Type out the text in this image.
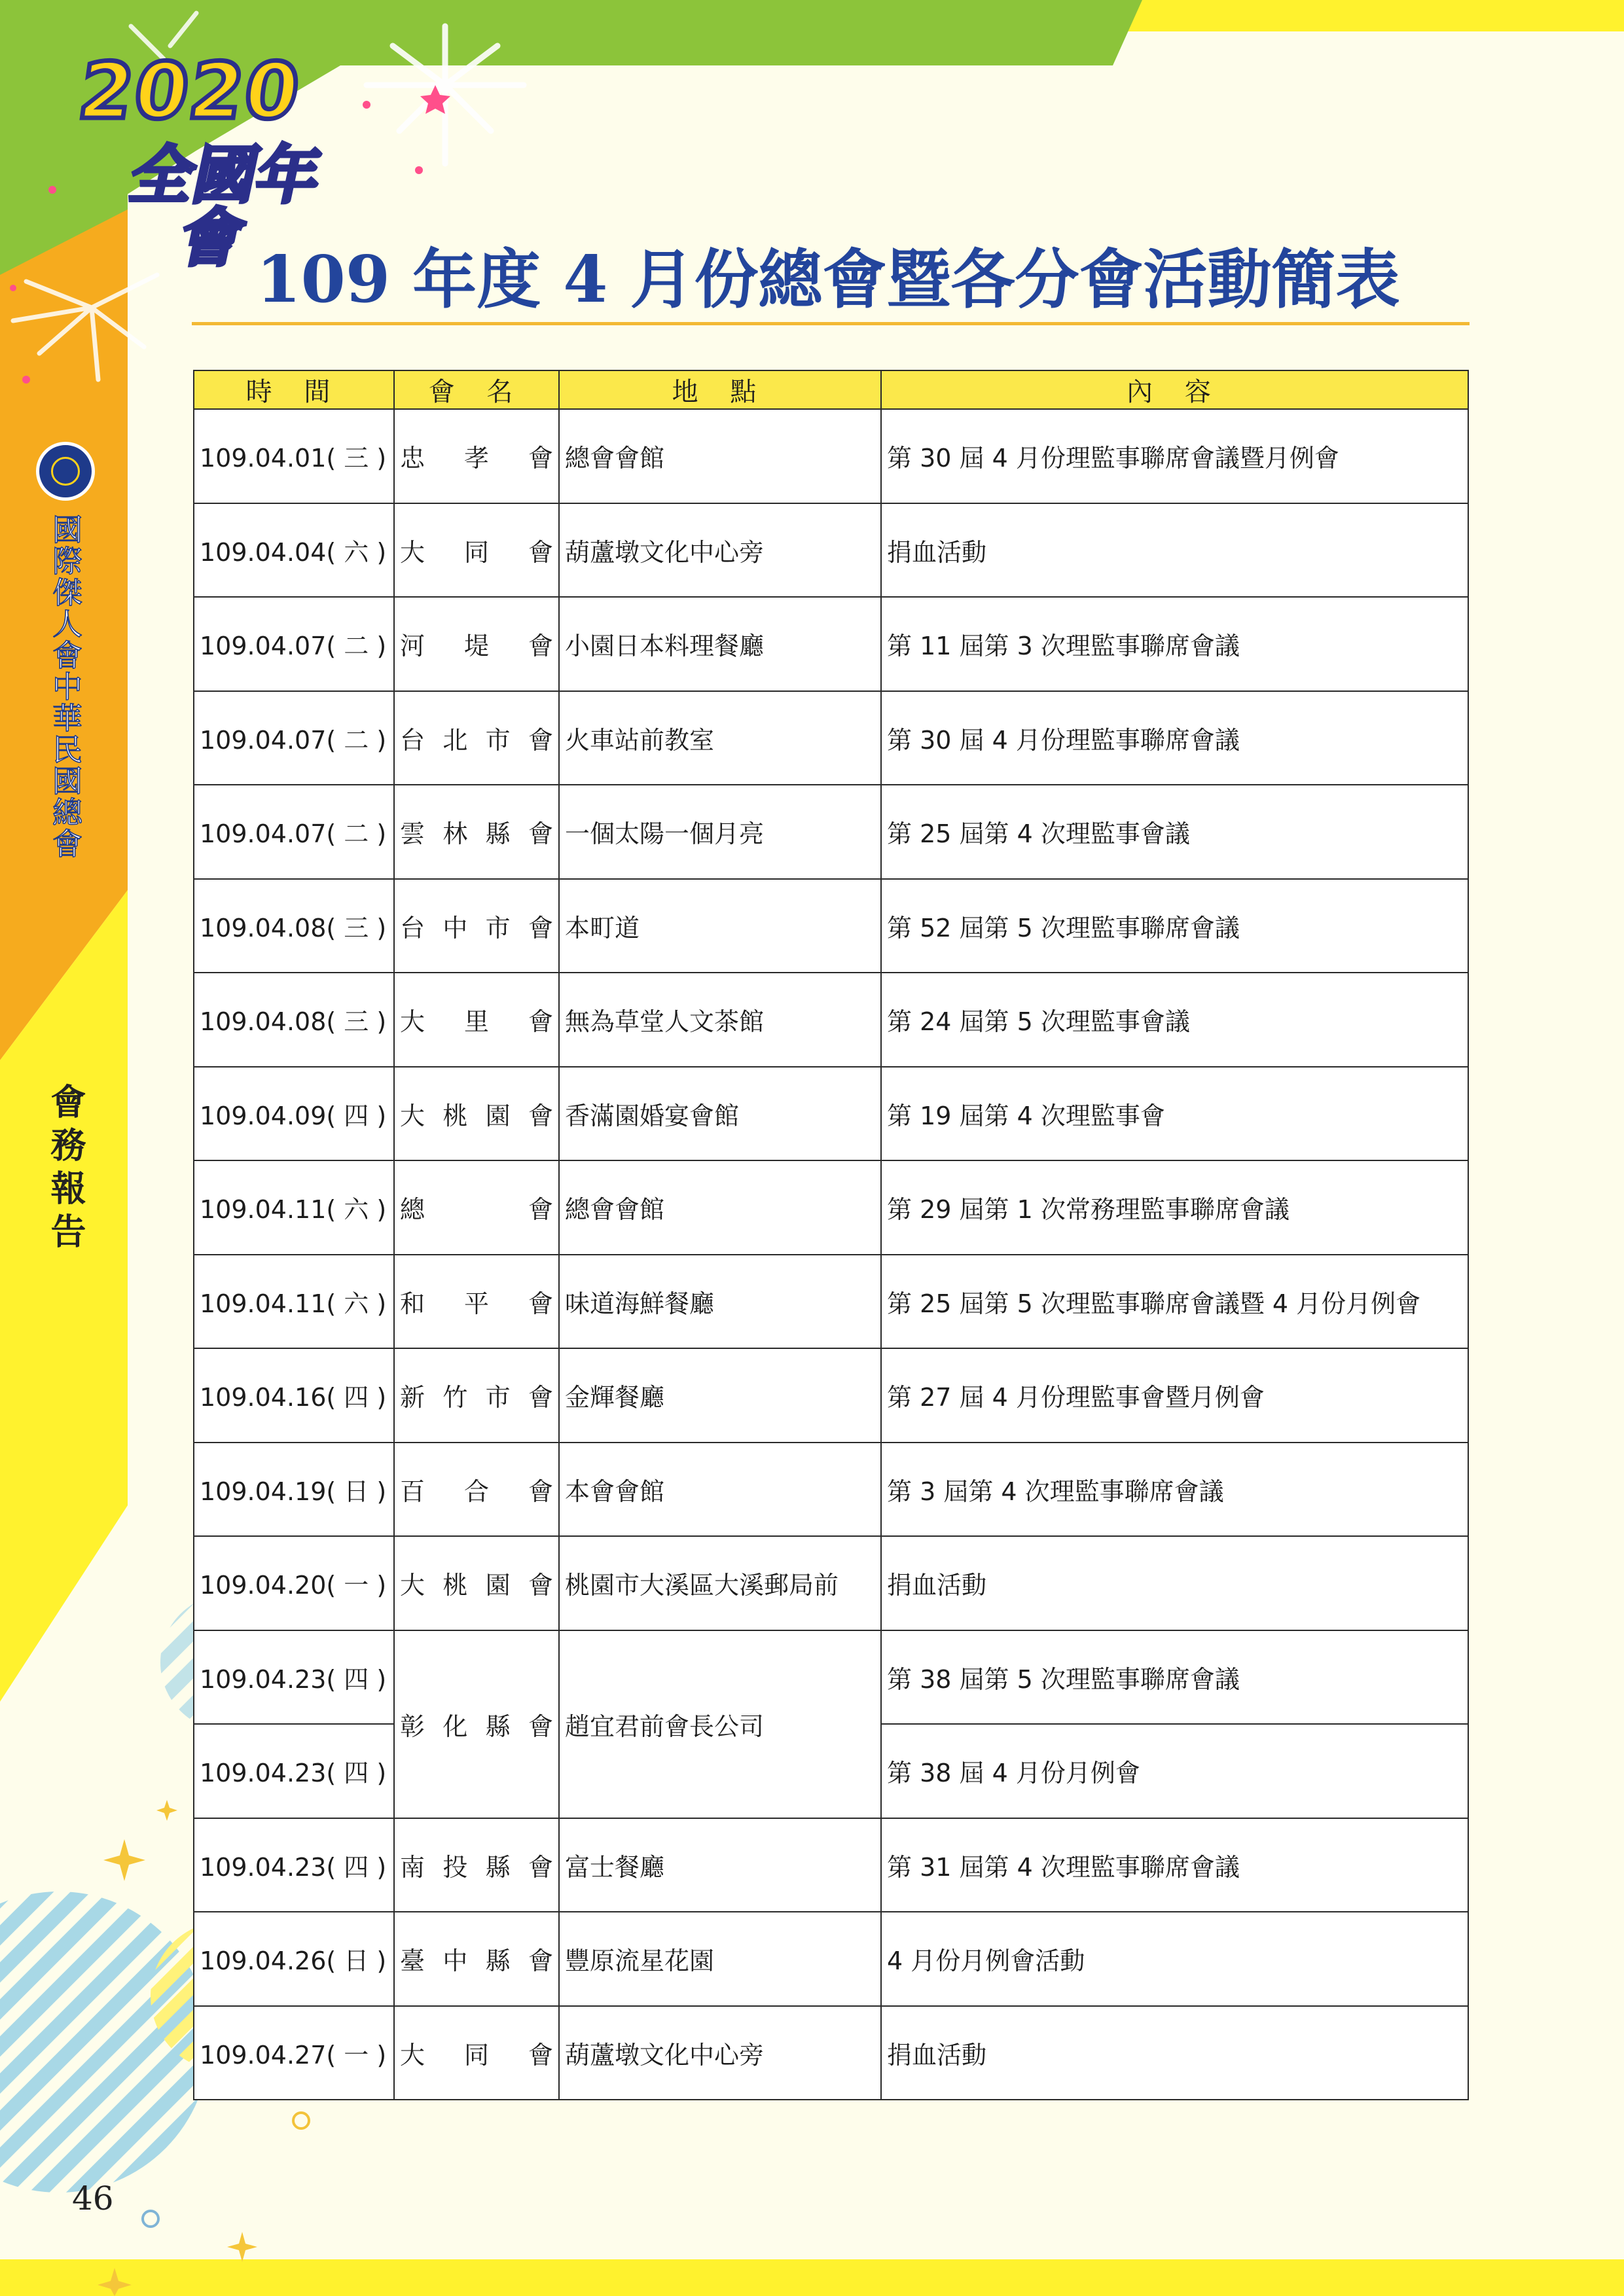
2020
全國年會
國際傑人會中華民國總會
會務報告
109 年度 4 月份總會暨各分會活動簡表
時 間	會 名	地 點	內 容
109.04.01( 三 )	忠孝會	總會會館	第 30 屆 4 月份理監事聯席會議暨月例會
109.04.04( 六 )	大同會	葫蘆墩文化中心旁	捐血活動
109.04.07( 二 )	河堤會	小園日本料理餐廳	第 11 屆第 3 次理監事聯席會議
109.04.07( 二 )	台北市會	火車站前教室	第 30 屆 4 月份理監事聯席會議
109.04.07( 二 )	雲林縣會	一個太陽一個月亮	第 25 屆第 4 次理監事會議
109.04.08( 三 )	台中市會	本町道	第 52 屆第 5 次理監事聯席會議
109.04.08( 三 )	大里會	無為草堂人文茶館	第 24 屆第 5 次理監事會議
109.04.09( 四 )	大桃園會	香滿園婚宴會館	第 19 屆第 4 次理監事會
109.04.11( 六 )	總會	總會會館	第 29 屆第 1 次常務理監事聯席會議
109.04.11( 六 )	和平會	味道海鮮餐廳	第 25 屆第 5 次理監事聯席會議暨 4 月份月例會
109.04.16( 四 )	新竹市會	金輝餐廳	第 27 屆 4 月份理監事會暨月例會
109.04.19( 日 )	百合會	本會會館	第 3 屆第 4 次理監事聯席會議
109.04.20( 一 )	大桃園會	桃園市大溪區大溪郵局前	捐血活動
109.04.23( 四 )	彰化縣會	趙宜君前會長公司	第 38 屆第 5 次理監事聯席會議
109.04.23( 四 )			第 38 屆 4 月份月例會
109.04.23( 四 )	南投縣會	富士餐廳	第 31 屆第 4 次理監事聯席會議
109.04.26( 日 )	臺中縣會	豐原流星花園	4 月份月例會活動
109.04.27( 一 )	大同會	葫蘆墩文化中心旁	捐血活動
46
